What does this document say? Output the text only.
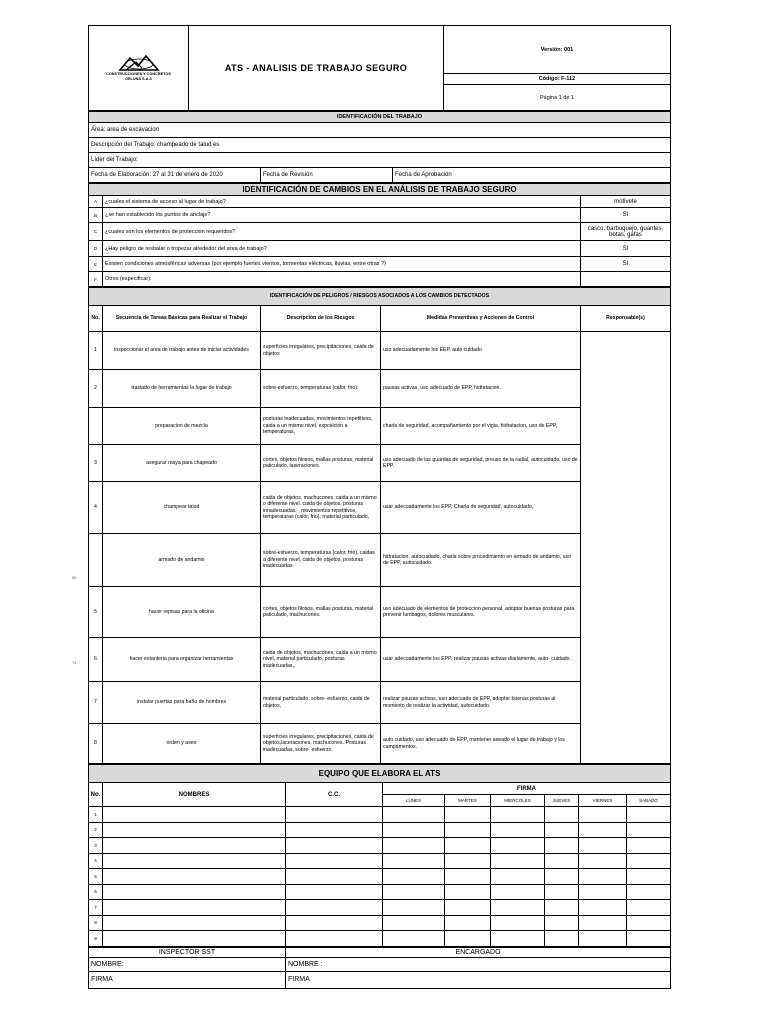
CONSTRUCCIONES Y CONCRETOS
GELUNA S.A.S
	ATS - ANALISIS DE TRABAJO SEGURO	Versión: 001
Código: F-112
Página 1 de 1
IDENTIFICACIÓN DEL TRABAJO
Área: area de excavacion
Descripción del Trabajo: champeado de talud es
Líder del Trabajo:
Fecha de Elaboración: 27 al 31 de enero de 2020	Fecha de Revisión	Fecha de Aprobación
IDENTIFICACIÓN DE CAMBIOS EN EL ANÁLISIS DE TRABAJO SEGURO		
A	¿cuales el sistema de acceso al lugar de trabajo?	motivete
B	¿se han establecido los puntos de anclaje?	SI
C	¿cuales son los elementos de proteccion requeridos?	casco, barboquejo, guantes, botas, gafas
D	¿Hay peligro de resbalar o tropezar alrededor del area de trabajo?	SI
E	Existen condiciones atmosféricas adversas (por ejemplo fuertes vientos, tormentas eléctricas, lluvias, entre otras ?)	SI
F	Otros (especificar):	
IDENTIFICACIÓN DE PELIGROS / RIESGOS ASOCIADOS A LOS CAMBIOS DETECTADOS				
No.	Secuencia de Tareas Básicas para Realizar el Trabajo	Descripción de los Riesgos	Medidas Preventivas y Acciones de Control	Responsable(s)
1	inspeccionar el area de trabajo antes de iniciar actividades	superficies irregulares, precipitaciones, caida de objetos	uso adecuadamente los EEP, auto cuidado	
2	traslado de herramientas la lugar de trabajo	sobre-esfuerzo, temperaturas (calor, frio)	pausas activas, uso adecuado de EPP, hidratacion.	
	preparacion de mezcla	posturas inadecuadas, movimientos repetitivos, caida a un mismo nivel, exposicion a temperaturas,	charla de seguridad, acompañamiento por el vigia, hidratacion, uso de EPP,	
3	asegurar maya para chapeado	cortes, objetos filosos, mallas posturas, material paticulado, laseraciones.	uso adecuado de las guardas de seguridad, preuso de la radial, autocuidado, uso de EPP.	
4	champear talud	caida de objetos, machucones, caida a un mismo o diferente nivel. caida de objetos, posturas innadecuadas, , movimientos repetitivos, temperaturas (calor, frio), material particulado,	usar adecuadamente los EPP, Charla de seguridad, autocuidado,	
	armado de andamio	sobre-esfuerzo, temperaturas (calor, frio), caidas a diferente nivel, caida de objetos, posturas inadecuadas.	hidratacion, autocuidado, charla sobre procedimiento en armado de andamio, uso de EPP, autocuidado.	
5	hacer repisas para la oficina	cortes, objetos filosos, mallas posturas, material paticulado, machucones.	uso adecuado de elementos de proteccion personal, adoptar buenas posturas para prevenir lumbagos, dolores musculares.	
6	hacer estanteria para organizar herramientas	caida de objetos, machucones, caida a un mismo nivel, material particulado, posturas inadecuadas,.	usar adecuadamente los EPP, realizar pausas activas diariamente, auto- cuidado.	
7	instalar puertas para baño de hombres	material particulado, sobre- esfuerzo, caida de objetos,	realizar pausas activas, uso adecuado de EPP, adoptar buenas posturas al momento de realizar la actividad, autocuidado.	
8	orden y aseo	superficies irregulares, precipitaciones, caida de objetos,laceraciones, machucones. Posturas inadecuadas, sobre- esfuerzo.	auto cuidado, uso adecuado de EPP, mantener aseado el lugar de trabajo y los campamentos.	
EQUIPO QUE ELABORA EL ATS								
No.	NOMBRES	C.C.	FIRMA					
			LUNES	MARTES	MIERCOLES	JUEVES	VIERNES	SABADO
1								
2								
3								
4								
5								
6								
7								
8								
9								
INSPECTOR SST	ENCARGADO
NOMBRE:	NOMBRE :
FIRMA	FIRMA
00
74
